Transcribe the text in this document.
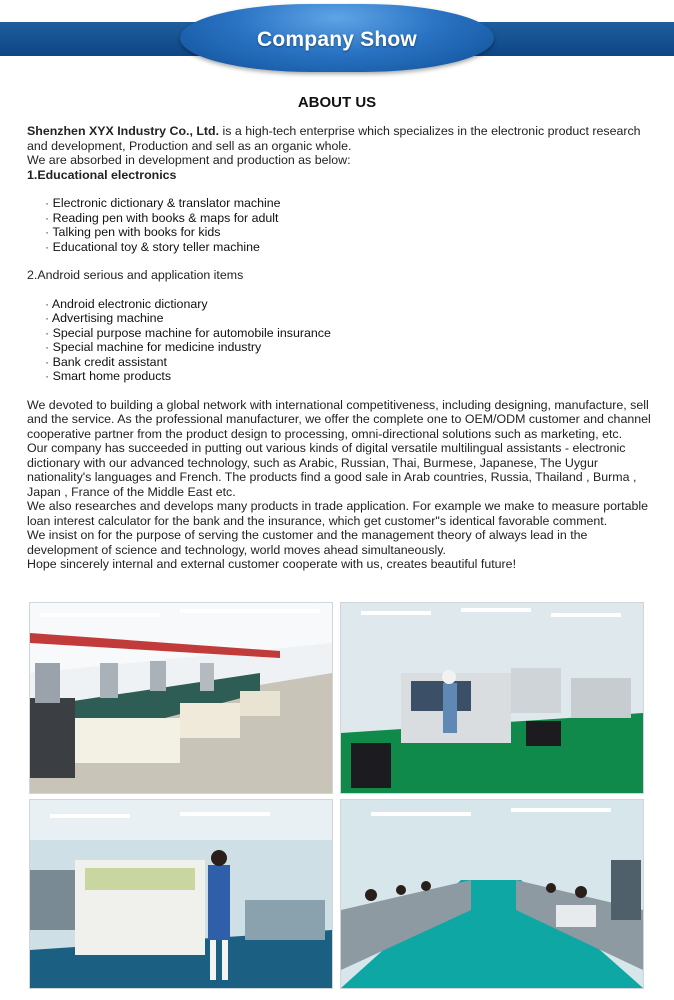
Company Show
ABOUT US

Shenzhen XYX Industry Co., Ltd. is a high-tech enterprise which specializes in the electronic product research and development, Production and sell as an organic whole.

We are absorbed in development and production as below:

1.Educational electronics

· Electronic dictionary & translator machine
· Reading pen with books & maps for adult
· Talking pen with books for kids
· Educational toy & story teller machine

2.Android serious and application items

· Android electronic dictionary
· Advertising machine
· Special purpose machine for automobile insurance
· Special machine for medicine industry
· Bank credit assistant
· Smart home products

We devoted to building a global network with international competitiveness, including designing, manufacture, sell and the service. As the professional manufacturer, we offer the complete one to OEM/ODM customer and channel cooperative partner from the product design to processing, omni-directional solutions such as marketing, etc.

Our company has succeeded in putting out various kinds of digital versatile multilingual assistants - electronic dictionary with our advanced technology, such as Arabic, Russian, Thai, Burmese, Japanese, The Uygur nationality's languages and French. The products find a good sale in Arab countries, Russia, Thailand , Burma , Japan , France of the Middle East etc.

We also researches and develops many products in trade application. For example we make to measure portable loan interest calculator for the bank and the insurance, which get customer"s identical favorable comment.

We insist on for the purpose of serving the customer and the management theory of always lead in the development of science and technology, world moves ahead simultaneously.

Hope sincerely internal and external customer cooperate with us, creates beautiful future!
